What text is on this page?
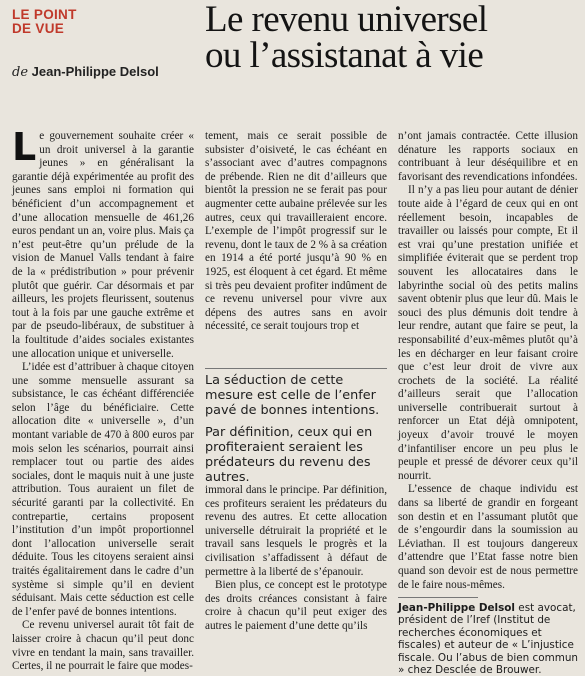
LE POINT
DE VUE
de Jean-Philippe Delsol
Le revenu universel
ou l’assistanat à vie

Le gouvernement souhaite créer « un droit universel à la garantie jeunes » en généralisant la garantie déjà expérimentée au profit des jeunes sans emploi ni formation qui bénéficient d’un accompagnement et d’une allocation mensuelle de 461,26 euros pendant un an, voire plus. Mais ça n’est peut-être qu’un prélude de la vision de Manuel Valls tendant à faire de la « prédistribution » pour prévenir plutôt que guérir. Car désormais et par ailleurs, les projets fleurissent, soutenus tout à la fois par une gauche extrême et par de pseudo-libéraux, de substituer à la foultitude d’aides sociales existantes une allocation unique et universelle.

L’idée est d’attribuer à chaque citoyen une somme mensuelle assurant sa subsistance, le cas échéant différenciée selon l’âge du bénéficiaire. Cette allocation dite « universelle », d’un montant variable de 470 à 800 euros par mois selon les scénarios, pourrait ainsi remplacer tout ou partie des aides sociales, dont le maquis nuit à une juste attribution. Tous auraient un filet de sécurité garanti par la collectivité. En contrepartie, certains proposent l’institution d’un impôt proportionnel dont l’allocation universelle serait déduite. Tous les citoyens seraient ainsi traités égalitairement dans le cadre d’un système si simple qu’il en devient séduisant. Mais cette séduction est celle de l’enfer pavé de bonnes intentions.

Ce revenu universel aurait tôt fait de laisser croire à chacun qu’il peut donc vivre en tendant la main, sans travailler. Certes, il ne pourrait le faire que modes-

tement, mais ce serait possible de subsister d’oisiveté, le cas échéant en s’associant avec d’autres compagnons de prébende. Rien ne dit d’ailleurs que bientôt la pression ne se ferait pas pour augmenter cette aubaine prélevée sur les autres, ceux qui travailleraient encore. L’exemple de l’impôt progressif sur le revenu, dont le taux de 2 % à sa création en 1914 a été porté jusqu’à 90 % en 1925, est éloquent à cet égard. Et même si très peu devaient profiter indûment de ce revenu universel pour vivre aux dépens des autres sans en avoir nécessité, ce serait toujours trop et

La séduction de cette mesure est celle de l’enfer pavé de bonnes intentions.
Par définition, ceux qui en profiteraient seraient les prédateurs du revenu des autres.

immoral dans le principe. Par définition, ces profiteurs seraient les prédateurs du revenu des autres. Et cette allocation universelle détruirait la propriété et le travail sans lesquels le progrès et la civilisation s’affadissent à défaut de permettre à la liberté de s’épanouir.

Bien plus, ce concept est le prototype des droits créances consistant à faire croire à chacun qu’il peut exiger des autres le paiement d’une dette qu’ils

n’ont jamais contractée. Cette illusion dénature les rapports sociaux en contribuant à leur déséquilibre et en favorisant des revendications infondées.

Il n’y a pas lieu pour autant de dénier toute aide à l’égard de ceux qui en ont réellement besoin, incapables de travailler ou laissés pour compte, Et il est vrai qu’une prestation unifiée et simplifiée éviterait que se perdent trop souvent les allocataires dans le labyrinthe social où des petits malins savent obtenir plus que leur dû. Mais le souci des plus démunis doit tendre à leur rendre, autant que faire se peut, la responsabilité d’eux-mêmes plutôt qu’à les en décharger en leur faisant croire que c’est leur droit de vivre aux crochets de la société. La réalité d’ailleurs serait que l’allocation universelle contribuerait surtout à renforcer un Etat déjà omnipotent, joyeux d’avoir trouvé le moyen d’infantiliser encore un peu plus le peuple et pressé de dévorer ceux qu’il nourrit.

L’essence de chaque individu est dans sa liberté de grandir en forgeant son destin et en l’assumant plutôt que de s’engourdir dans la soumission au Léviathan. Il est toujours dangereux d’attendre que l’Etat fasse notre bien quand son devoir est de nous permettre de le faire nous-mêmes.

Jean-Philippe Delsol est avocat, président de l’Iref (Institut de recherches économiques et fiscales) et auteur de « L’injustice fiscale. Ou l’abus de bien commun » chez Desclée de Brouwer.
